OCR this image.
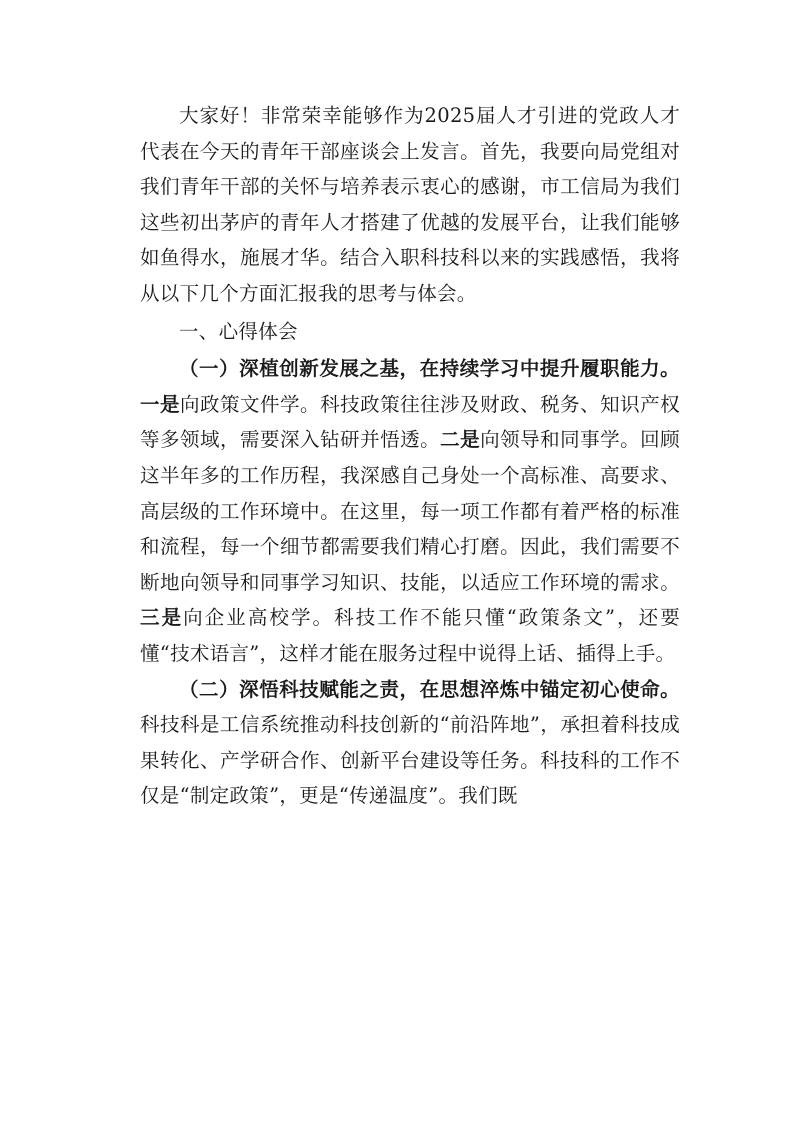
大家好！非常荣幸能够作为2025届人才引进的党政人才代表在今天的青年干部座谈会上发言。首先，我要向局党组对我们青年干部的关怀与培养表示衷心的感谢，市工信局为我们这些初出茅庐的青年人才搭建了优越的发展平台，让我们能够如鱼得水，施展才华。结合入职科技科以来的实践感悟，我将从以下几个方面汇报我的思考与体会。

一、心得体会

（一）深植创新发展之基，在持续学习中提升履职能力。一是向政策文件学。科技政策往往涉及财政、税务、知识产权等多领域，需要深入钻研并悟透。二是向领导和同事学。回顾这半年多的工作历程，我深感自己身处一个高标准、高要求、高层级的工作环境中。在这里，每一项工作都有着严格的标准和流程，每一个细节都需要我们精心打磨。因此，我们需要不断地向领导和同事学习知识、技能，以适应工作环境的需求。三是向企业高校学。科技工作不能只懂“政策条文”，还要懂“技术语言”，这样才能在服务过程中说得上话、插得上手。

（二）深悟科技赋能之责，在思想淬炼中锚定初心使命。科技科是工信系统推动科技创新的“前沿阵地”，承担着科技成果转化、产学研合作、创新平台建设等任务。科技科的工作不仅是“制定政策”，更是“传递温度”。我们既
